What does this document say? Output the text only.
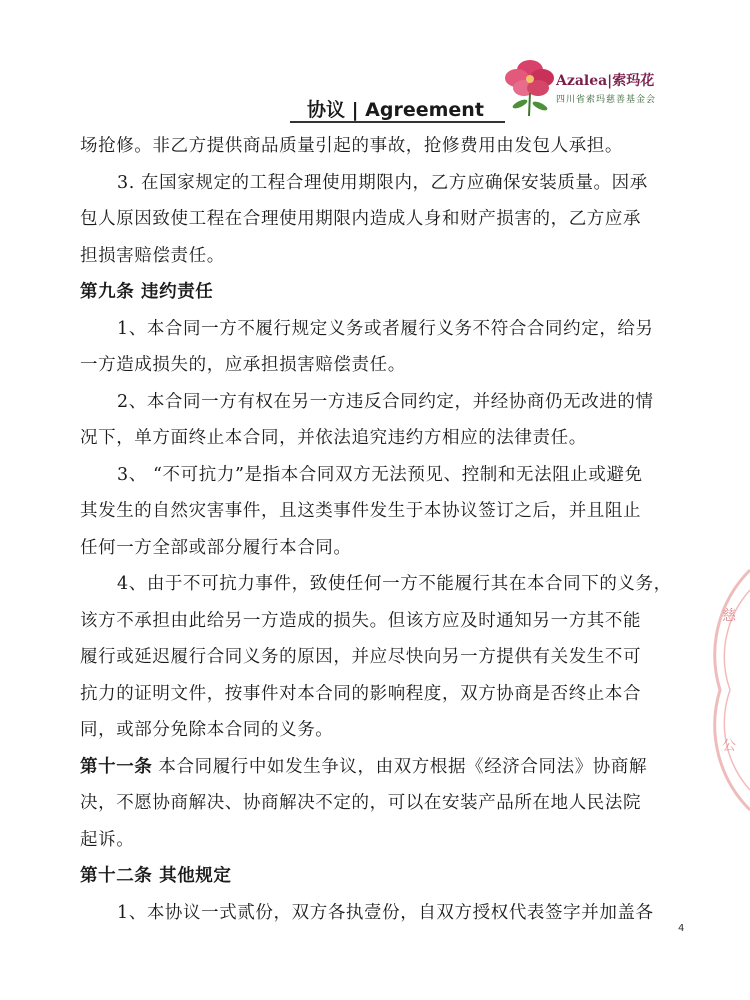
协议 | Agreement
Azalea|索玛花
四川省索玛慈善基金会
场抢修。非乙方提供商品质量引起的事故，抢修费用由发包人承担。
3. 在国家规定的工程合理使用期限内，乙方应确保安装质量。因承
包人原因致使工程在合理使用期限内造成人身和财产损害的，乙方应承
担损害赔偿责任。
第九条 违约责任
1、本合同一方不履行规定义务或者履行义务不符合合同约定，给另
一方造成损失的，应承担损害赔偿责任。
2、本合同一方有权在另一方违反合同约定，并经协商仍无改进的情
况下，单方面终止本合同，并依法追究违约方相应的法律责任。
3、 “不可抗力”是指本合同双方无法预见、控制和无法阻止或避免
其发生的自然灾害事件，且这类事件发生于本协议签订之后，并且阻止
任何一方全部或部分履行本合同。
4、由于不可抗力事件，致使任何一方不能履行其在本合同下的义务，
该方不承担由此给另一方造成的损失。但该方应及时通知另一方其不能
履行或延迟履行合同义务的原因，并应尽快向另一方提供有关发生不可
抗力的证明文件，按事件对本合同的影响程度，双方协商是否终止本合
同，或部分免除本合同的义务。
第十一条 本合同履行中如发生争议，由双方根据《经济合同法》协商解
决，不愿协商解决、协商解决不定的，可以在安装产品所在地人民法院
起诉。
第十二条 其他规定
1、本协议一式贰份，双方各执壹份，自双方授权代表签字并加盖各
4
慈
公
